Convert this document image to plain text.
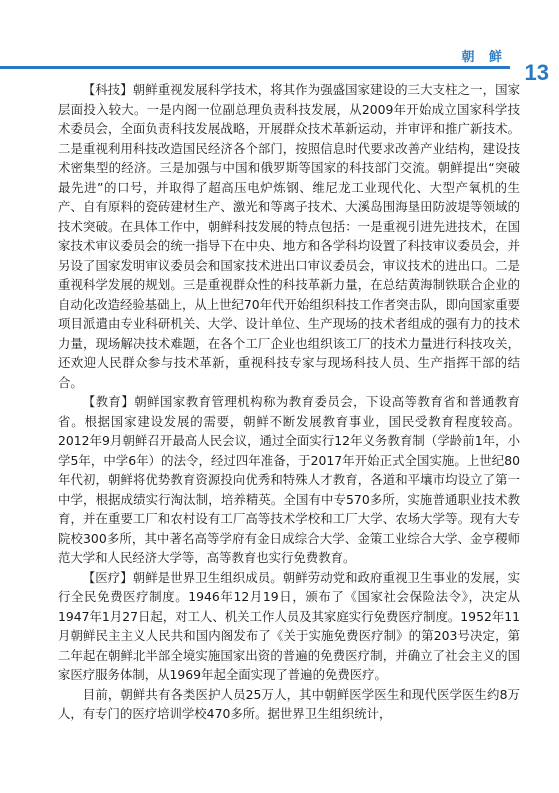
朝 鲜
13

【科技】朝鲜重视发展科学技术，将其作为强盛国家建设的三大支柱之一，国家层面投入较大。一是内阁一位副总理负责科技发展，从2009年开始成立国家科学技术委员会，全面负责科技发展战略，开展群众技术革新运动，并审评和推广新技术。二是重视利用科技改造国民经济各个部门，按照信息时代要求改善产业结构，建设技术密集型的经济。三是加强与中国和俄罗斯等国家的科技部门交流。朝鲜提出“突破最先进”的口号，并取得了超高压电炉炼钢、维尼龙工业现代化、大型产氧机的生产、自有原料的瓷砖建材生产、激光和等离子技术、大溪岛围海垦田防波堤等领域的技术突破。在具体工作中，朝鲜科技发展的特点包括：一是重视引进先进技术，在国家技术审议委员会的统一指导下在中央、地方和各学科均设置了科技审议委员会，并另设了国家发明审议委员会和国家技术进出口审议委员会，审议技术的进出口。二是重视科学发展的规划。三是重视群众性的科技革新力量，在总结黄海制铁联合企业的自动化改造经验基础上，从上世纪70年代开始组织科技工作者突击队，即向国家重要项目派遣由专业科研机关、大学、设计单位、生产现场的技术者组成的强有力的技术力量，现场解决技术难题，在各个工厂企业也组织该工厂的技术力量进行科技攻关，还欢迎人民群众参与技术革新，重视科技专家与现场科技人员、生产指挥干部的结合。

【教育】朝鲜国家教育管理机构称为教育委员会，下设高等教育省和普通教育省。根据国家建设发展的需要，朝鲜不断发展教育事业，国民受教育程度较高。2012年9月朝鲜召开最高人民会议，通过全面实行12年义务教育制（学龄前1年，小学5年，中学6年）的法令，经过四年准备，于2017年开始正式全国实施。上世纪80年代初，朝鲜将优势教育资源投向优秀和特殊人才教育，各道和平壤市均设立了第一中学，根据成绩实行淘汰制，培养精英。全国有中专570多所，实施普通职业技术教育，并在重要工厂和农村设有工厂高等技术学校和工厂大学、农场大学等。现有大专院校300多所，其中著名高等学府有金日成综合大学、金策工业综合大学、金亨稷师范大学和人民经济大学等，高等教育也实行免费教育。

【医疗】朝鲜是世界卫生组织成员。朝鲜劳动党和政府重视卫生事业的发展，实行全民免费医疗制度。1946年12月19日，颁布了《国家社会保险法令》，决定从1947年1月27日起，对工人、机关工作人员及其家庭实行免费医疗制度。1952年11月朝鲜民主主义人民共和国内阁发布了《关于实施免费医疗制》的第203号决定，第二年起在朝鲜北半部全境实施国家出资的普遍的免费医疗制，并确立了社会主义的国家医疗服务体制，从1969年起全面实现了普遍的免费医疗。

目前，朝鲜共有各类医护人员25万人，其中朝鲜医学医生和现代医学医生约8万人，有专门的医疗培训学校470多所。据世界卫生组织统计，
